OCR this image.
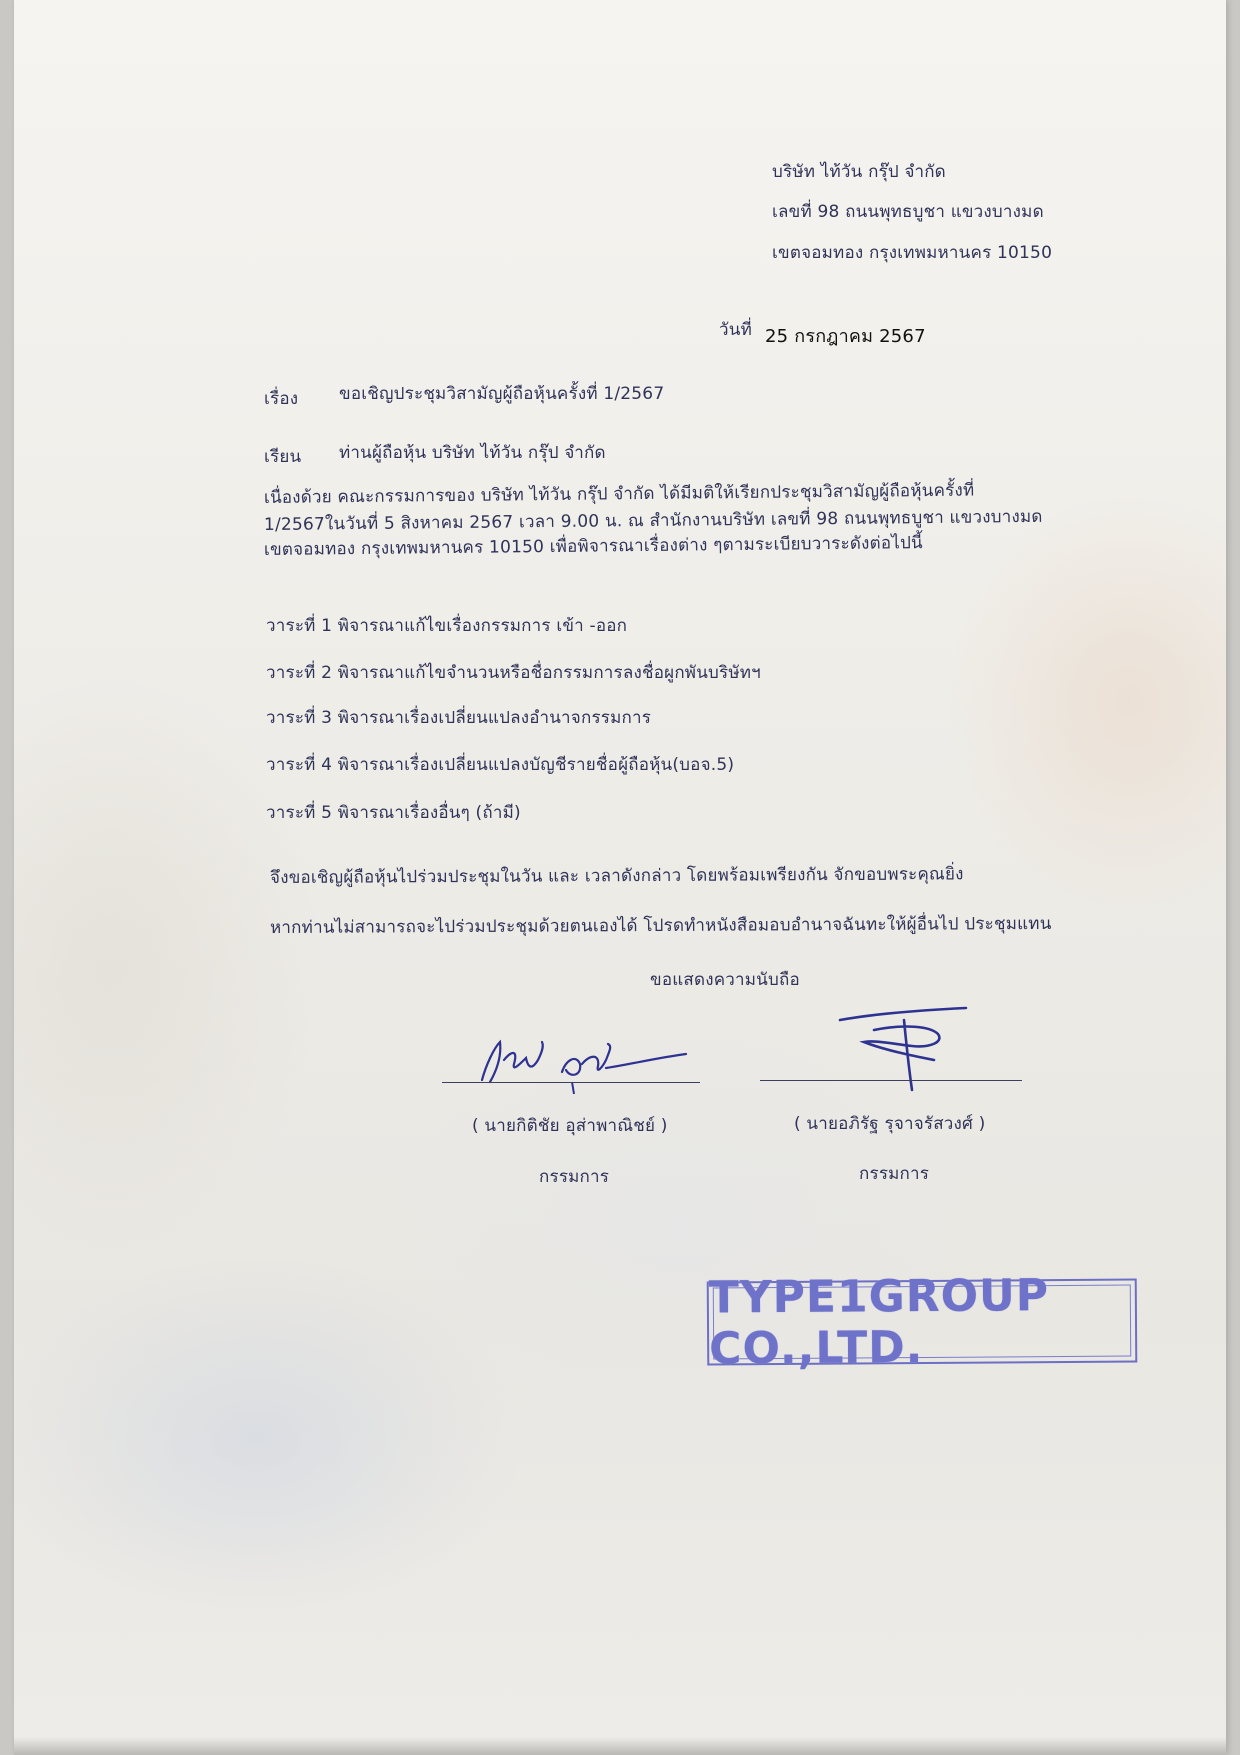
บริษัท ไท้วัน กรุ๊ป จำกัด
เลขที่ 98 ถนนพุทธบูชา แขวงบางมด
เขตจอมทอง กรุงเทพมหานคร 10150
วันที่ 25 กรกฎาคม 2567
เรื่อง ขอเชิญประชุมวิสามัญผู้ถือหุ้นครั้งที่ 1/2567
เรียน ท่านผู้ถือหุ้น บริษัท ไท้วัน กรุ๊ป จำกัด
เนื่องด้วย คณะกรรมการของ บริษัท ไท้วัน กรุ๊ป จำกัด ได้มีมติให้เรียกประชุมวิสามัญผู้ถือหุ้นครั้งที่
1/2567ในวันที่ 5 สิงหาคม 2567 เวลา 9.00 น. ณ สำนักงานบริษัท เลขที่ 98 ถนนพุทธบูชา แขวงบางมด
เขตจอมทอง กรุงเทพมหานคร 10150 เพื่อพิจารณาเรื่องต่าง ๆตามระเบียบวาระดังต่อไปนี้
วาระที่ 1 พิจารณาแก้ไขเรื่องกรรมการ เข้า -ออก
วาระที่ 2 พิจารณาแก้ไขจำนวนหรือชื่อกรรมการลงชื่อผูกพันบริษัทฯ
วาระที่ 3 พิจารณาเรื่องเปลี่ยนแปลงอำนาจกรรมการ
วาระที่ 4 พิจารณาเรื่องเปลี่ยนแปลงบัญชีรายชื่อผู้ถือหุ้น(บอจ.5)
วาระที่ 5 พิจารณาเรื่องอื่นๆ (ถ้ามี)
จึงขอเชิญผู้ถือหุ้นไปร่วมประชุมในวัน และ เวลาดังกล่าว โดยพร้อมเพรียงกัน จักขอบพระคุณยิ่ง
หากท่านไม่สามารถจะไปร่วมประชุมด้วยตนเองได้ โปรดทำหนังสือมอบอำนาจฉันทะให้ผู้อื่นไป ประชุมแทน
ขอแสดงความนับถือ
( นายกิติชัย อุส่าพาณิชย์ )
กรรมการ
( นายอภิรัฐ รุจาจรัสวงศ์ )
กรรมการ
TYPE1GROUP CO.,LTD.
